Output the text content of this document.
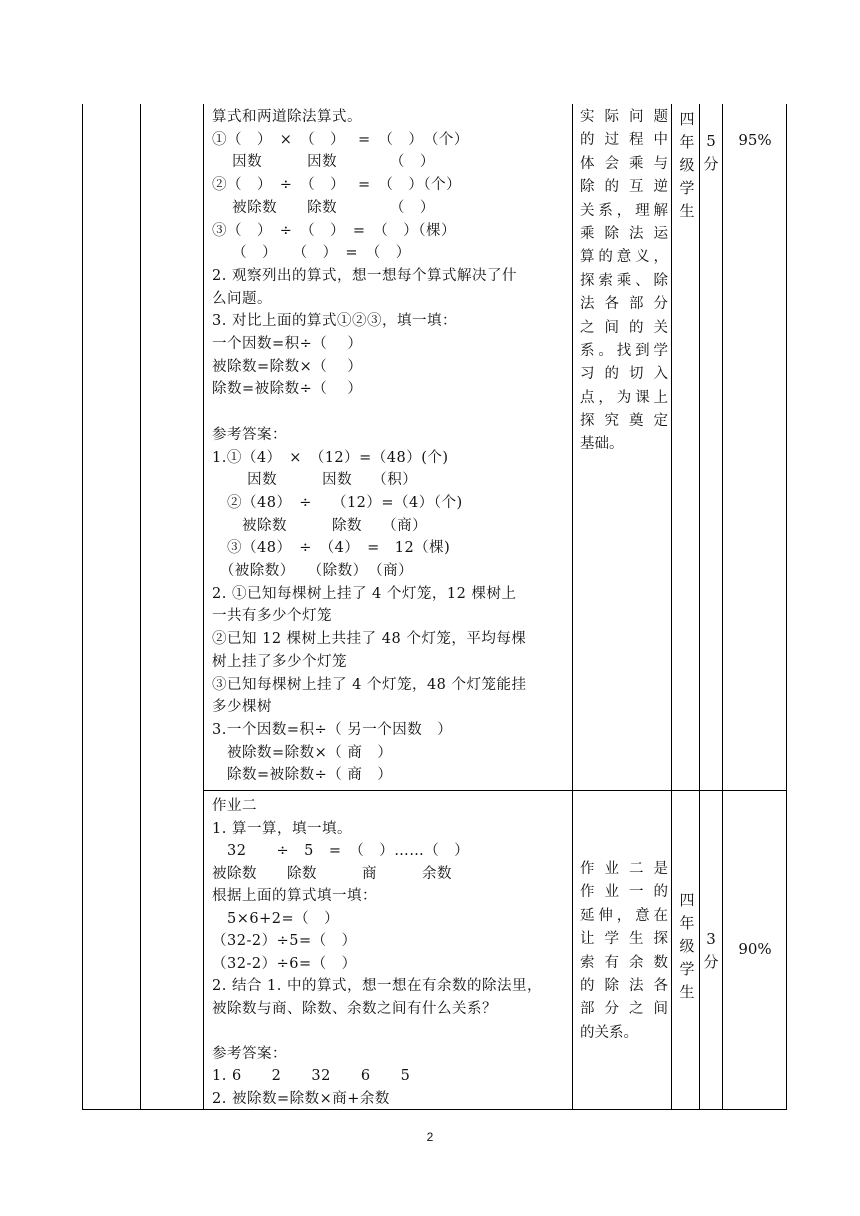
算式和两道除法算式。
①（　）　×　（　）　 =　（　）　（个）
　 因数　　　因数　　　　（　）
②（　）　÷　（　）　 =　（　）（个）
　 被除数　　除数　　　　（　）
③（　）　÷　（　）　=　（　）（棵）
　 （　）　　（　）　=　（　）
2. 观察列出的算式，想一想每个算式解决了什
么问题。
3. 对比上面的算式①②③，填一填：
一个因数=积÷（　 ）
被除数=除数×（　 ）
除数=被除数÷（　 ）
参考答案：
1.①（4）　×　（12）=（48）(个)
　　 因数　　　因数　 （积）
　②（48）　÷　 （12）=（4）（个)
　　被除数　　　除数　 （商）
　③（48）　÷　（4）　=　12（棵)
　（被除数）　 （除数）　（商）
2. ①已知每棵树上挂了 4 个灯笼，12 棵树上
一共有多少个灯笼
②已知 12 棵树上共挂了 48 个灯笼，平均每棵
树上挂了多少个灯笼
③已知每棵树上挂了 4 个灯笼，48 个灯笼能挂
多少棵树
3.一个因数=积÷（ 另一个因数　）
　被除数=除数×（ 商　）
　除数=被除数÷（ 商　）
实际问题
的过程中
体会乘与
除的互逆
关系，理解
乘除法运
算的意义，
探索乘、除
法各部分
之间的关
系。找到学
习的切入
点，为课上
探究奠定
基础。
四
年
级
学
生
5
分
95%
作业二
1. 算一算，填一填。
　32　　÷　5　=　（　）……（　）
被除数　　除数　　　商　　　余数
根据上面的算式填一填：
　5×6+2=（　）
（32-2）÷5=（　）
（32-2）÷6=（　）
2. 结合 1. 中的算式，想一想在有余数的除法里，
被除数与商、除数、余数之间有什么关系？
参考答案：
1. 6　　2　　32　　6　　5
2. 被除数=除数×商+余数
作业二是
作业一的
延伸，意在
让学生探
索有余数
的除法各
部分之间
的关系。
四
年
级
学
生
3
分
90%
2
